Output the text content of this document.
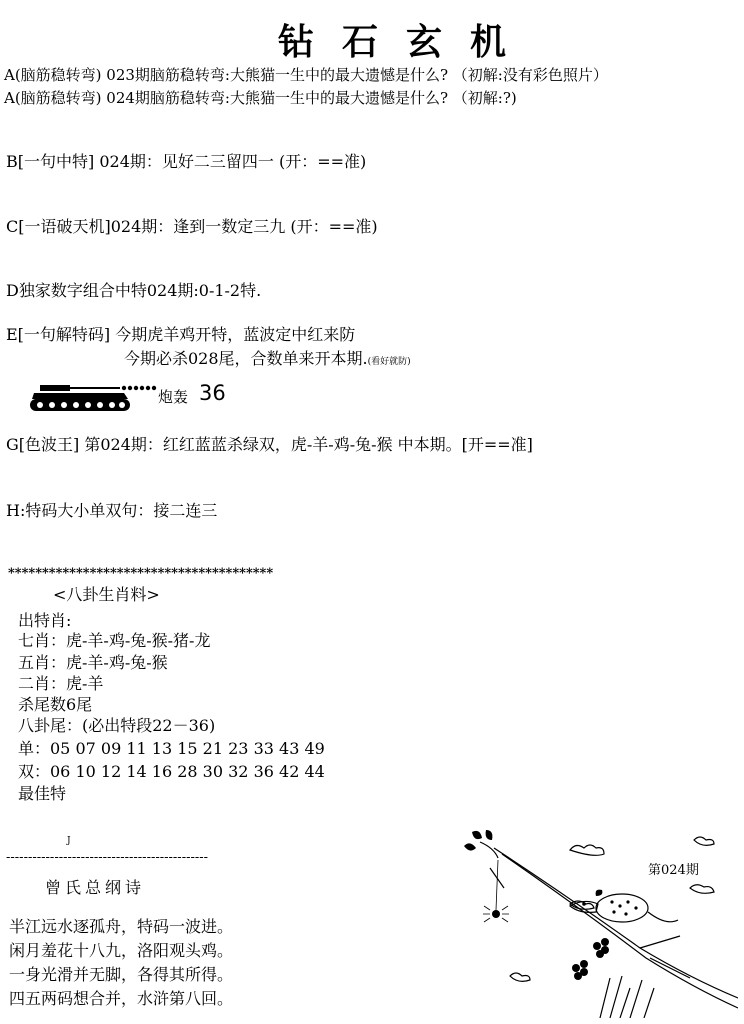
钻石玄机
A(脑筋稳转弯) 023期脑筋稳转弯:大熊猫一生中的最大遗憾是什么? （初解:没有彩色照片）
A(脑筋稳转弯) 024期脑筋稳转弯:大熊猫一生中的最大遗憾是什么? （初解:?)
B[一句中特] 024期：见好二三留四一 (开：==准)
C[一语破天机]024期：逢到一数定三九 (开：==准)
D独家数字组合中特024期:0-1-2特.
E[一句解特码] 今期虎羊鸡开特，蓝波定中红来防
今期必杀028尾，合数单来开本期.(看好就防)
炮轰 36
G[色波王] 第024期：红红蓝蓝杀绿双，虎-羊-鸡-兔-猴 中本期。[开==准]
H:特码大小单双句：接二连三
***************************************
<八卦生肖料>
出特肖:
七肖：虎-羊-鸡-兔-猴-猪-龙
五肖：虎-羊-鸡-兔-猴
二肖：虎-羊
杀尾数6尾
八卦尾：(必出特段22－36)
单：05 07 09 11 13 15 21 23 33 43 49
双：06 10 12 14 16 28 30 32 36 42 44
最佳特
J
----------------------------------------------
曾氏总纲诗
半江远水逐孤舟，特码一波进。
闲月羞花十八九，洛阳观头鸡。
一身光滑并无脚，各得其所得。
四五两码想合并，水浒第八回。
第024期
